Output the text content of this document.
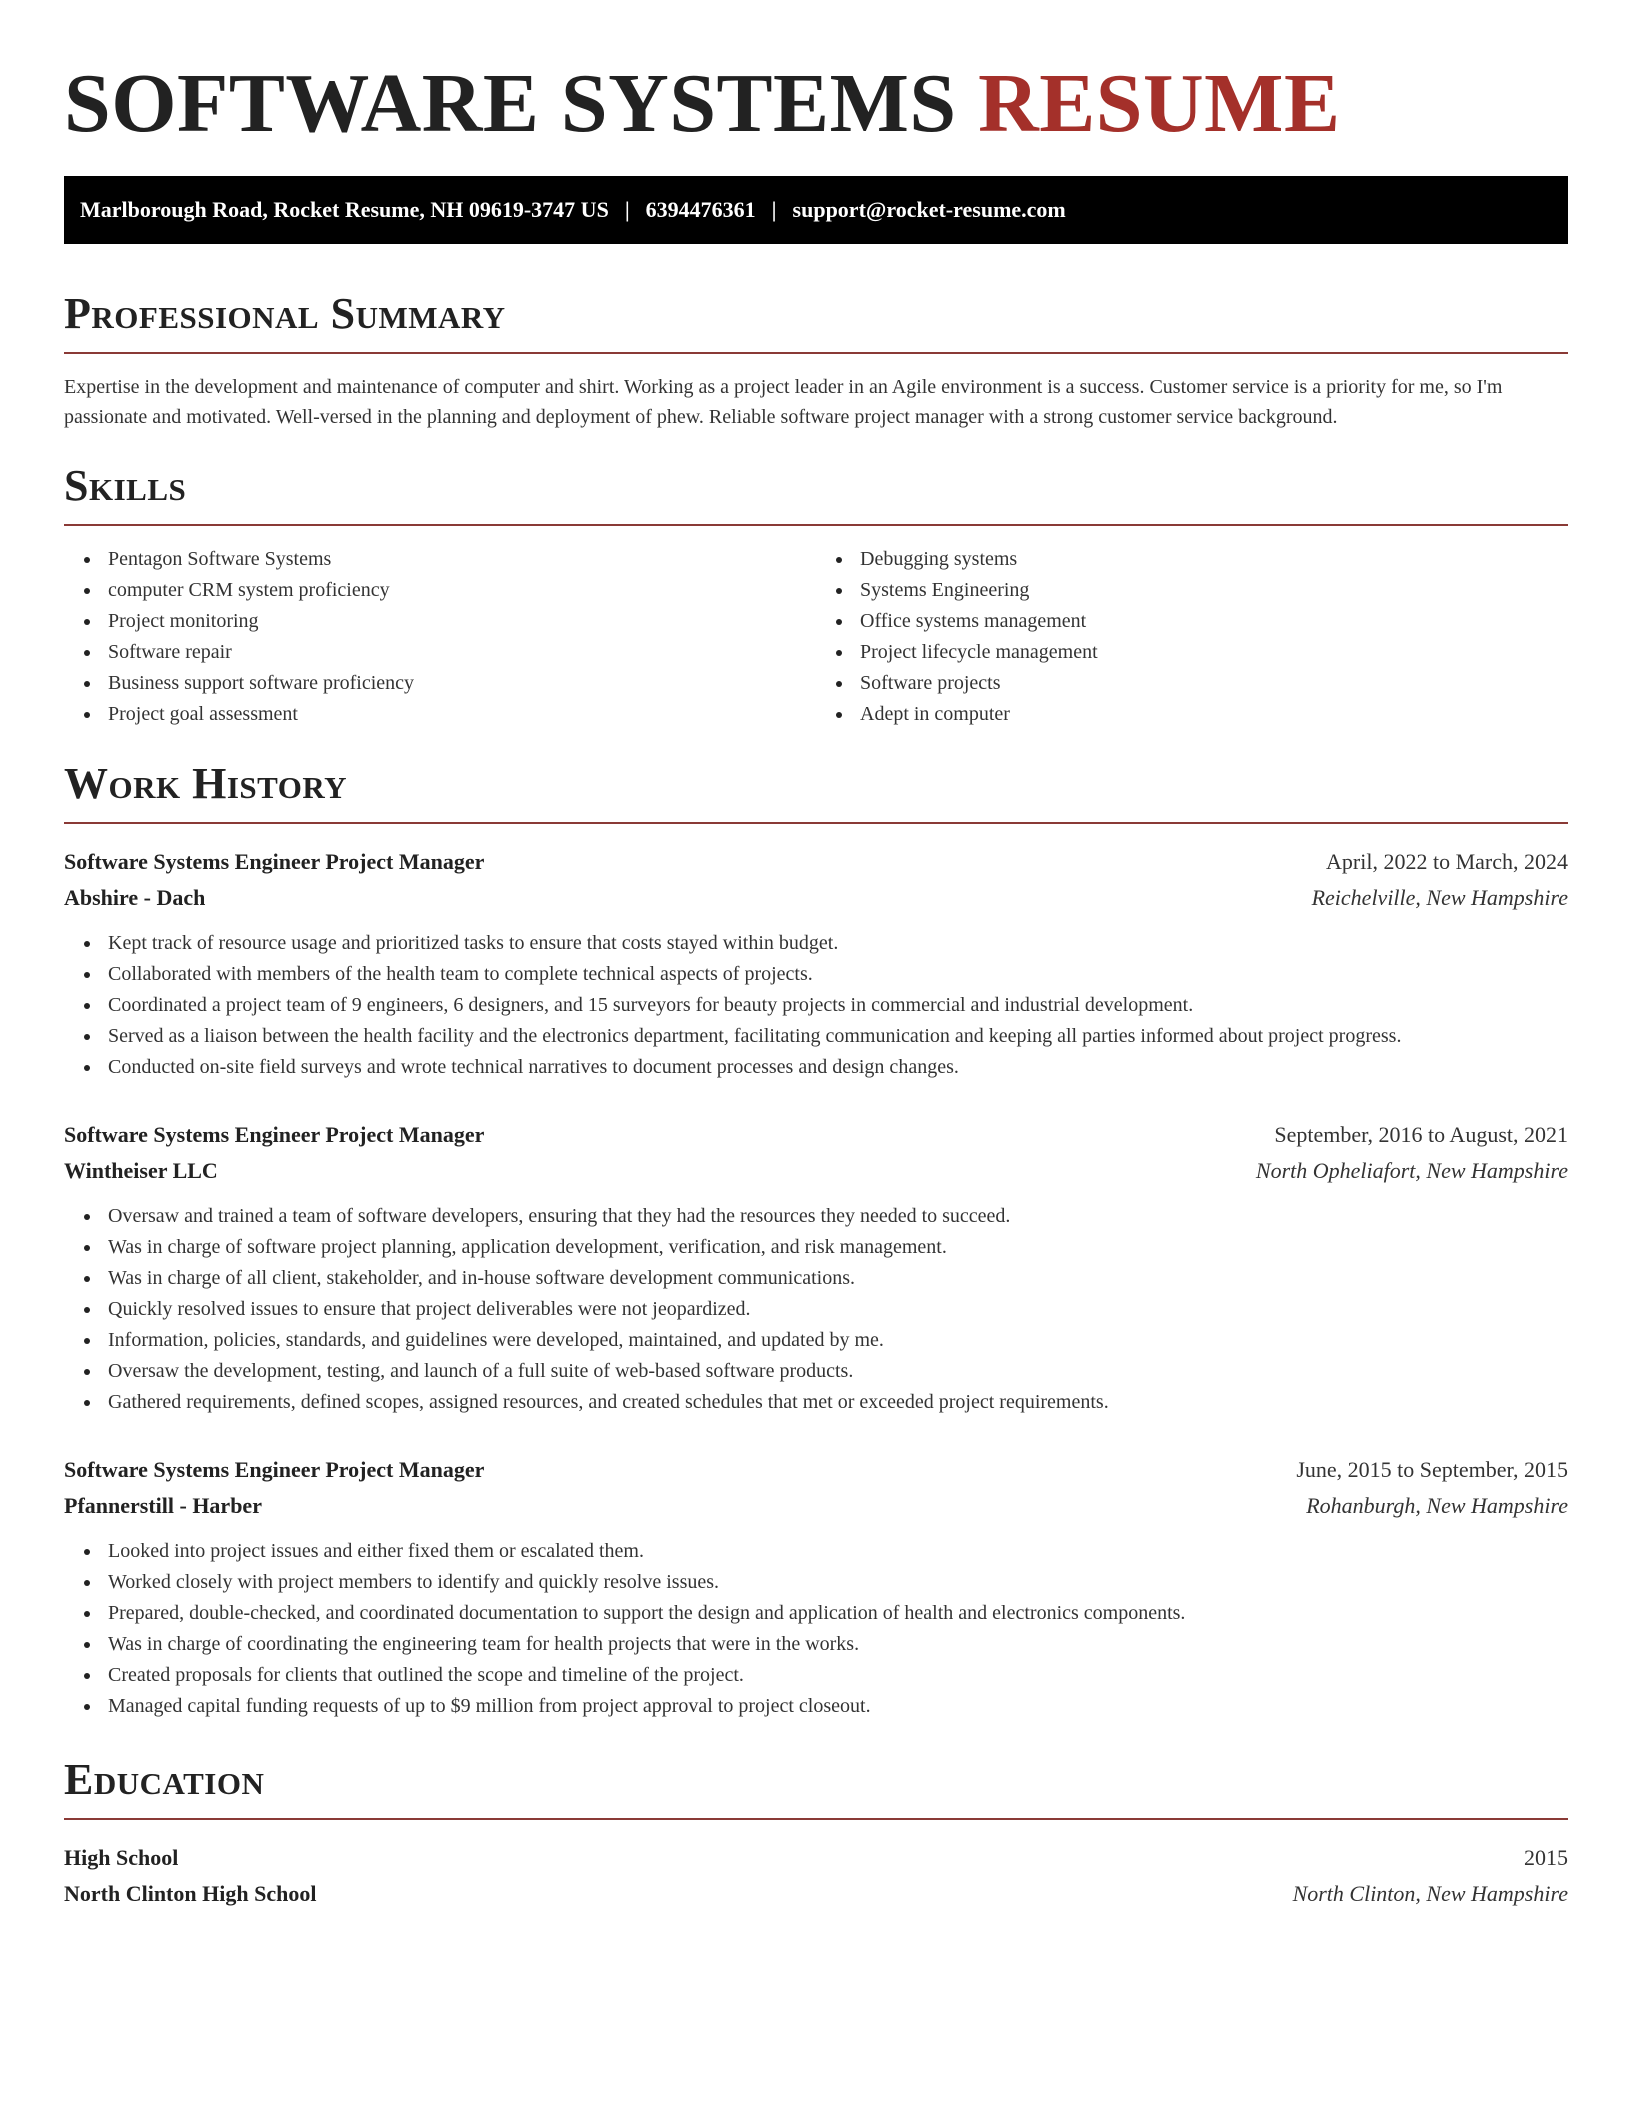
SOFTWARE SYSTEMS RESUME
Marlborough Road, Rocket Resume, NH 09619-3747 US | 6394476361 | support@rocket-resume.com
Professional Summary

Expertise in the development and maintenance of computer and shirt. Working as a project leader in an Agile environment is a success. Customer service is a priority for me, so I'm passionate and motivated. Well-versed in the planning and deployment of phew. Reliable software project manager with a strong customer service background.

Skills
Pentagon Software Systems
computer CRM system proficiency
Project monitoring
Software repair
Business support software proficiency
Project goal assessment
Debugging systems
Systems Engineering
Office systems management
Project lifecycle management
Software projects
Adept in computer
Work History
Software Systems Engineer Project Manager	April, 2022 to March, 2024
Abshire - Dach	Reichelville, New Hampshire
Kept track of resource usage and prioritized tasks to ensure that costs stayed within budget.
Collaborated with members of the health team to complete technical aspects of projects.
Coordinated a project team of 9 engineers, 6 designers, and 15 surveyors for beauty projects in commercial and industrial development.
Served as a liaison between the health facility and the electronics department, facilitating communication and keeping all parties informed about project progress.
Conducted on-site field surveys and wrote technical narratives to document processes and design changes.
Software Systems Engineer Project Manager	September, 2016 to August, 2021
Wintheiser LLC	North Opheliafort, New Hampshire
Oversaw and trained a team of software developers, ensuring that they had the resources they needed to succeed.
Was in charge of software project planning, application development, verification, and risk management.
Was in charge of all client, stakeholder, and in-house software development communications.
Quickly resolved issues to ensure that project deliverables were not jeopardized.
Information, policies, standards, and guidelines were developed, maintained, and updated by me.
Oversaw the development, testing, and launch of a full suite of web-based software products.
Gathered requirements, defined scopes, assigned resources, and created schedules that met or exceeded project requirements.
Software Systems Engineer Project Manager	June, 2015 to September, 2015
Pfannerstill - Harber	Rohanburgh, New Hampshire
Looked into project issues and either fixed them or escalated them.
Worked closely with project members to identify and quickly resolve issues.
Prepared, double-checked, and coordinated documentation to support the design and application of health and electronics components.
Was in charge of coordinating the engineering team for health projects that were in the works.
Created proposals for clients that outlined the scope and timeline of the project.
Managed capital funding requests of up to $9 million from project approval to project closeout.
Education
High School	2015
North Clinton High School	North Clinton, New Hampshire
